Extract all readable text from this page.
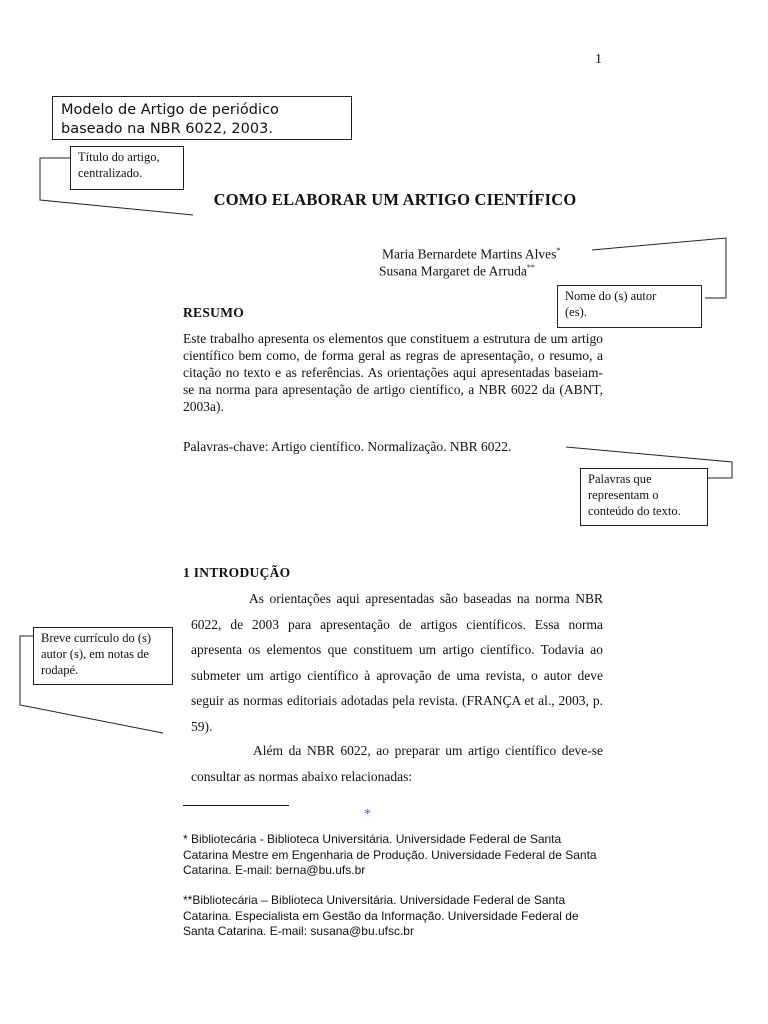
1
Modelo de Artigo de periódico
baseado na NBR 6022, 2003.
Título do artigo,
centralizado.
COMO ELABORAR UM ARTIGO CIENTÍFICO
Maria Bernardete Martins Alves*
Susana Margaret de Arruda**
Nome do (s) autor
(es).
RESUMO
Este trabalho apresenta os elementos que constituem a estrutura de um artigo científico bem como, de forma geral as regras de apresentação, o resumo, a citação no texto e as referências. As orientações aqui apresentadas baseiam-se na norma para apresentação de artigo científico, a NBR 6022 da (ABNT, 2003a).
Palavras-chave: Artigo científico. Normalização. NBR 6022.
Palavras que
representam o
conteúdo do texto.
1 INTRODUÇÃO
As orientações aqui apresentadas são baseadas na norma NBR 6022, de 2003 para apresentação de artigos científicos. Essa norma apresenta os elementos que constituem um artigo científico. Todavia ao submeter um artigo científico à aprovação de uma revista, o autor deve seguir as normas editoriais adotadas pela revista. (FRANÇA et al., 2003, p. 59).
Além da NBR 6022, ao preparar um artigo científico deve-se consultar as normas abaixo relacionadas:
Breve currículo do (s)
autor (s), em notas de
rodapé.
*
* Bibliotecária - Biblioteca Universitária. Universidade Federal de Santa Catarina Mestre em Engenharia de Produção. Universidade Federal de Santa Catarina. E-mail: berna@bu.ufs.br
**Bibliotecária – Biblioteca Universitária. Universidade Federal de Santa Catarina. Especialista em Gestão da Informação. Universidade Federal de Santa Catarina. E-mail: susana@bu.ufsc.br
